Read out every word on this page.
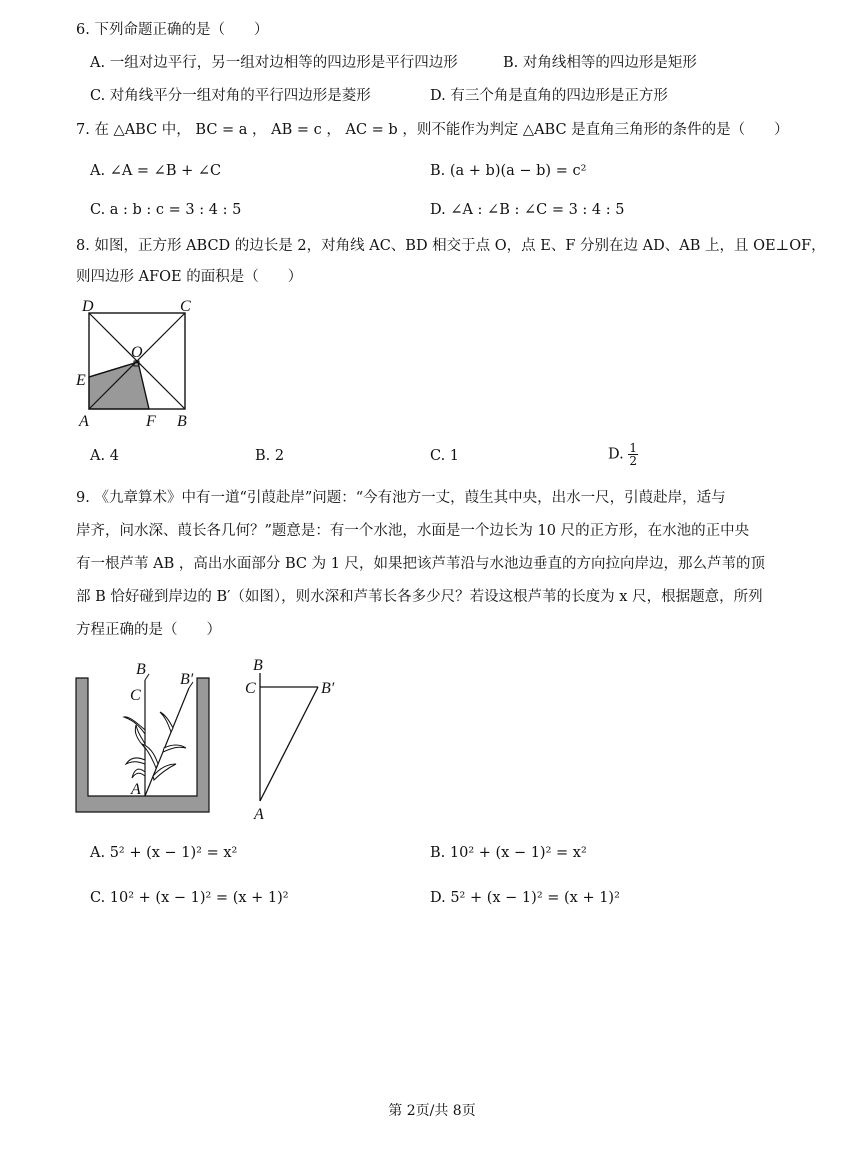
6. 下列命题正确的是（　　）
A. 一组对边平行，另一组对边相等的四边形是平行四边形	B. 对角线相等的四边形是矩形
C. 对角线平分一组对角的平行四边形是菱形	D. 有三个角是直角的四边形是正方形
7. 在 △ABC 中， BC = a ， AB = c ， AC = b ，则不能作为判定 △ABC 是直角三角形的条件的是（　　）
A. ∠A = ∠B + ∠C	B. (a + b)(a − b) = c²
C. a : b : c = 3 : 4 : 5	D. ∠A : ∠B : ∠C = 3 : 4 : 5
8. 如图，正方形 ABCD 的边长是 2，对角线 AC、BD 相交于点 O，点 E、F 分别在边 AD、AB 上，且 OE⊥OF，
则四边形 AFOE 的面积是（　　）
D	C
O
E
A	F B
A. 4	B. 2	C. 1	D. $\frac{1}{2}$
9. 《九章算术》中有一道“引葭赴岸”问题：“今有池方一丈，葭生其中央，出水一尺，引葭赴岸，适与
岸齐，问水深、葭长各几何？”题意是：有一个水池，水面是一个边长为 10 尺的正方形，在水池的正中央
有一根芦苇 AB ，高出水面部分 BC 为 1 尺，如果把该芦苇沿与水池边垂直的方向拉向岸边，那么芦苇的顶
部 B 恰好碰到岸边的 B′（如图），则水深和芦苇长各多少尺？若设这根芦苇的长度为 x 尺，根据题意，所列
方程正确的是（　　）
B
B′
C
A
B
C	B′
A
A. 5² + (x − 1)² = x²	B. 10² + (x − 1)² = x²
C. 10² + (x − 1)² = (x + 1)²	D. 5² + (x − 1)² = (x + 1)²
第 2页/共 8页
